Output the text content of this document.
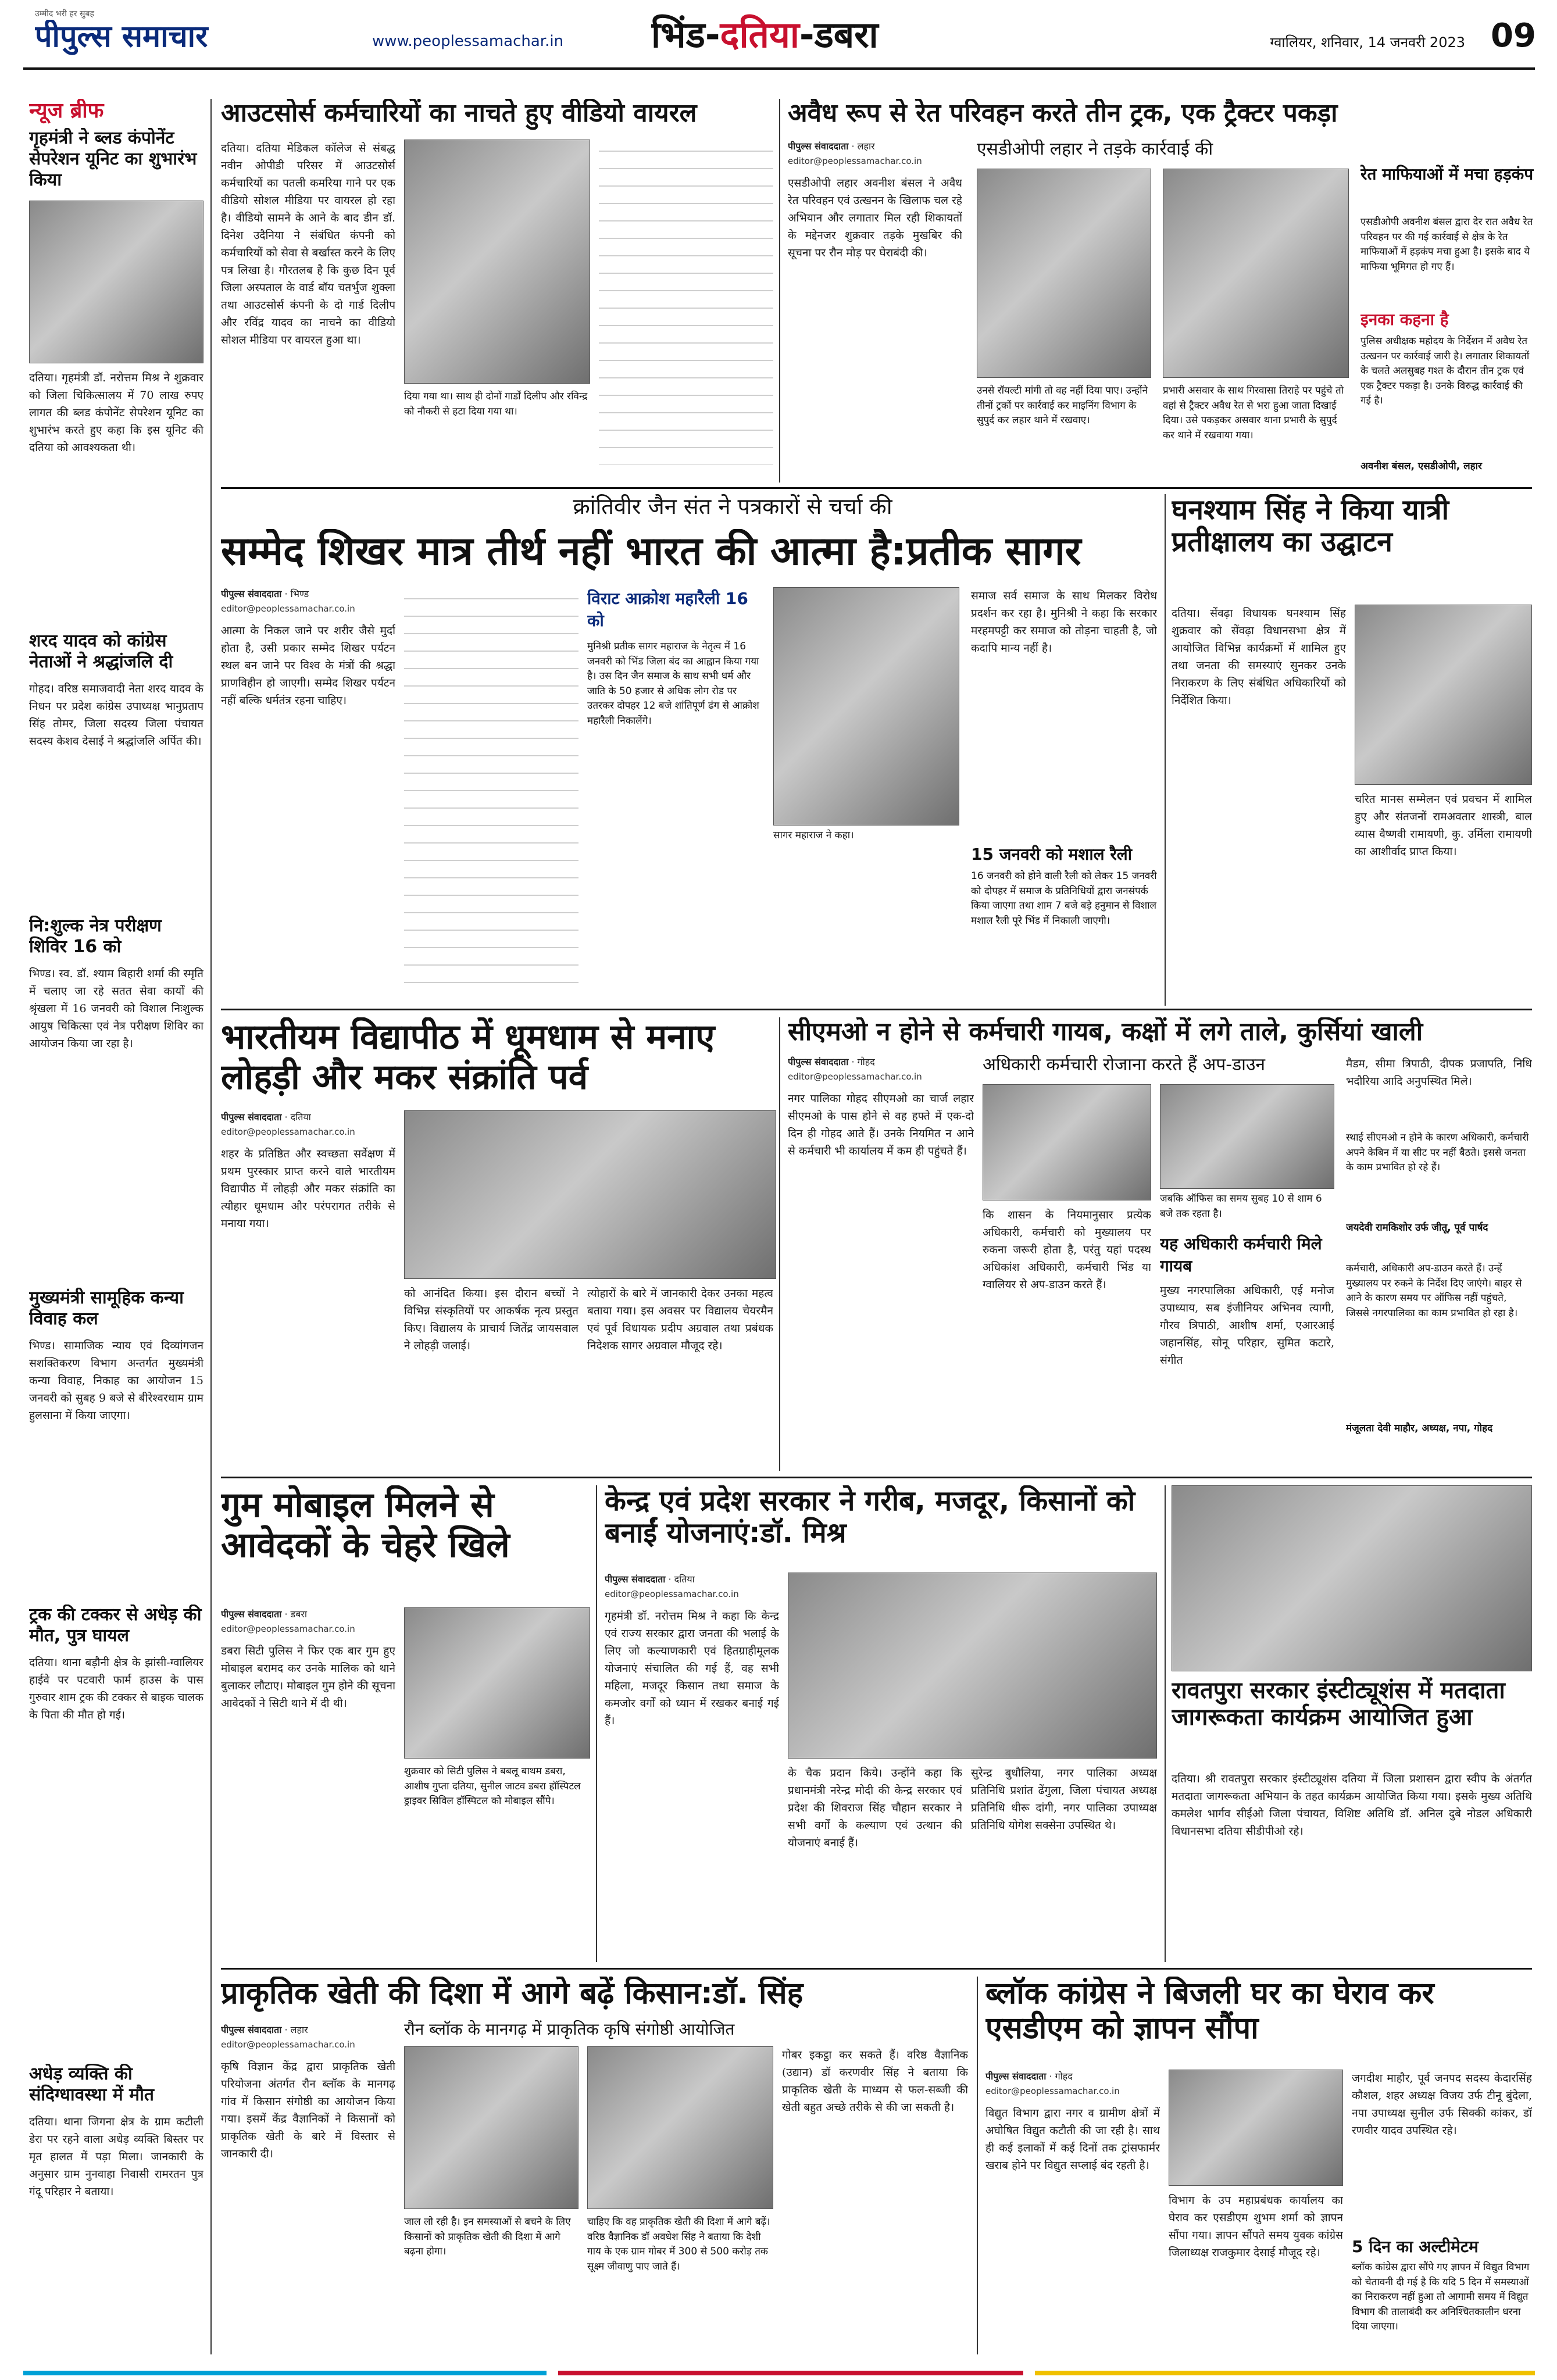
उम्मीद भरी हर सुबह
पीपुल्स समाचार	www.peoplessamachar.in	भिंड-दतिया-डबरा	ग्वालियर, शनिवार, 14 जनवरी 2023 09
न्यूज ब्रीफ
गृहमंत्री ने ब्लड कंपोनेंट सेपरेशन यूनिट का शुभारंभ किया
दतिया। गृहमंत्री डॉ. नरोत्तम मिश्र ने शुक्रवार को जिला चिकित्सालय में 70 लाख रुपए लागत की ब्लड कंपोनेंट सेपरेशन यूनिट का शुभारंभ करते हुए कहा कि इस यूनिट की दतिया को आवश्यकता थी।
शरद यादव को कांग्रेस नेताओं ने श्रद्धांजलि दी
गोहद। वरिष्ठ समाजवादी नेता शरद यादव के निधन पर प्रदेश कांग्रेस उपाध्यक्ष भानुप्रताप सिंह तोमर, जिला सदस्य जिला पंचायत सदस्य केशव देसाई ने श्रद्धांजलि अर्पित की।
नि:शुल्क नेत्र परीक्षण शिविर 16 को
भिण्ड। स्व. डॉ. श्याम बिहारी शर्मा की स्मृति में चलाए जा रहे सतत सेवा कार्यों की श्रृंखला में 16 जनवरी को विशाल निःशुल्क आयुष चिकित्सा एवं नेत्र परीक्षण शिविर का आयोजन किया जा रहा है।
मुख्यमंत्री सामूहिक कन्या विवाह कल
भिण्ड। सामाजिक न्याय एवं दिव्यांगजन सशक्तिकरण विभाग अन्तर्गत मुख्यमंत्री कन्या विवाह, निकाह का आयोजन 15 जनवरी को सुबह 9 बजे से बीरेश्वरधाम ग्राम हुलसाना में किया जाएगा।
ट्रक की टक्कर से अधेड़ की मौत, पुत्र घायल
दतिया। थाना बड़ौनी क्षेत्र के झांसी-ग्वालियर हाईवे पर पटवारी फार्म हाउस के पास गुरुवार शाम ट्रक की टक्कर से बाइक चालक के पिता की मौत हो गई।
अधेड़ व्यक्ति की संदिग्धावस्था में मौत
दतिया। थाना जिगना क्षेत्र के ग्राम कटीली डेरा पर रहने वाला अधेड़ व्यक्ति बिस्तर पर मृत हालत में पड़ा मिला। जानकारी के अनुसार ग्राम नुनवाहा निवासी रामरतन पुत्र गंदू परिहार ने बताया।
आउटसोर्स कर्मचारियों का नाचते हुए वीडियो वायरल
दतिया। दतिया मेडिकल कॉलेज से संबद्ध नवीन ओपीडी परिसर में आउटसोर्स कर्मचारियों का पतली कमरिया गाने पर एक वीडियो सोशल मीडिया पर वायरल हो रहा है। वीडियो सामने के आने के बाद डीन डॉ. दिनेश उदैनिया ने संबंधित कंपनी को कर्मचारियों को सेवा से बर्खास्त करने के लिए पत्र लिखा है। गौरतलब है कि कुछ दिन पूर्व जिला अस्पताल के वार्ड बॉय चतर्भुज शुक्ला तथा आउटसोर्स कंपनी के दो गार्ड दिलीप और रविंद्र यादव का नाचने का वीडियो सोशल मीडिया पर वायरल हुआ था।
दिया गया था। साथ ही दोनों गार्डों दिलीप और रविन्द्र को नौकरी से हटा दिया गया था।
अवैध रूप से रेत परिवहन करते तीन ट्रक, एक ट्रैक्टर पकड़ा
पीपुल्स संवाददाता · लहार
editor@peoplessamachar.co.in
एसडीओपी लहार अवनीश बंसल ने अवैध रेत परिवहन एवं उत्खनन के खिलाफ चल रहे अभियान और लगातार मिल रही शिकायतों के मद्देनजर शुक्रवार तड़के मुखबिर की सूचना पर रौन मोड़ पर घेराबंदी की।
एसडीओपी लहार ने तड़के कार्रवाई की
उनसे रॉयल्टी मांगी तो वह नहीं दिया पाए। उन्होंने तीनों ट्रकों पर कार्रवाई कर माइनिंग विभाग के सुपुर्द कर लहार थाने में रखवाए।
प्रभारी असवार के साथ गिरवासा तिराहे पर पहुंचे तो वहां से ट्रैक्टर अवैध रेत से भरा हुआ जाता दिखाई दिया। उसे पकड़कर असवार थाना प्रभारी के सुपुर्द कर थाने में रखवाया गया।
रेत माफियाओं में मचा हड़कंप
एसडीओपी अवनीश बंसल द्वारा देर रात अवैध रेत परिवहन पर की गई कार्रवाई से क्षेत्र के रेत माफियाओं में हड़कंप मचा हुआ है। इसके बाद ये माफिया भूमिगत हो गए हैं।
इनका कहना है
पुलिस अधीक्षक महोदय के निर्देशन में अवैध रेत उत्खनन पर कार्रवाई जारी है। लगातार शिकायतों के चलते अलसुबह गश्त के दौरान तीन ट्रक एवं एक ट्रैक्टर पकड़ा है। उनके विरुद्ध कार्रवाई की गई है।
अवनीश बंसल, एसडीओपी, लहार
क्रांतिवीर जैन संत ने पत्रकारों से चर्चा की
सम्मेद शिखर मात्र तीर्थ नहीं भारत की आत्मा है:प्रतीक सागर
पीपुल्स संवाददाता · भिण्ड
editor@peoplessamachar.co.in
आत्मा के निकल जाने पर शरीर जैसे मुर्दा होता है, उसी प्रकार सम्मेद शिखर पर्यटन स्थल बन जाने पर विश्व के मंत्रों की श्रद्धा प्राणविहीन हो जाएगी। सम्मेद शिखर पर्यटन नहीं बल्कि धर्मतंत्र रहना चाहिए।
विराट आक्रोश महारैली 16 को
मुनिश्री प्रतीक सागर महाराज के नेतृत्व में 16 जनवरी को भिंड जिला बंद का आह्वान किया गया है। उस दिन जैन समाज के साथ सभी धर्म और जाति के 50 हजार से अधिक लोग रोड पर उतरकर दोपहर 12 बजे शांतिपूर्ण ढंग से आक्रोश महारैली निकालेंगे।
सागर महाराज ने कहा।
समाज सर्व समाज के साथ मिलकर विरोध प्रदर्शन कर रहा है। मुनिश्री ने कहा कि सरकार मरहमपट्टी कर समाज को तोड़ना चाहती है, जो कदापि मान्य नहीं है।
15 जनवरी को मशाल रैली
16 जनवरी को होने वाली रैली को लेकर 15 जनवरी को दोपहर में समाज के प्रतिनिधियों द्वारा जनसंपर्क किया जाएगा तथा शाम 7 बजे बड़े हनुमान से विशाल मशाल रैली पूरे भिंड में निकाली जाएगी।
घनश्याम सिंह ने किया यात्री प्रतीक्षालय का उद्घाटन
दतिया। सेंवढ़ा विधायक घनश्याम सिंह शुक्रवार को सेंवढ़ा विधानसभा क्षेत्र में आयोजित विभिन्न कार्यक्रमों में शामिल हुए तथा जनता की समस्याएं सुनकर उनके निराकरण के लिए संबंधित अधिकारियों को निर्देशित किया।
चरित मानस सम्मेलन एवं प्रवचन में शामिल हुए और संतजनों रामअवतार शास्त्री, बाल व्यास वैष्णवी रामायणी, कु. उर्मिला रामायणी का आशीर्वाद प्राप्त किया।
भारतीयम विद्यापीठ में धूमधाम से मनाए लोहड़ी और मकर संक्रांति पर्व
पीपुल्स संवाददाता · दतिया
editor@peoplessamachar.co.in
शहर के प्रतिष्ठित और स्वच्छता सर्वेक्षण में प्रथम पुरस्कार प्राप्त करने वाले भारतीयम विद्यापीठ में लोहड़ी और मकर संक्रांति का त्यौहार धूमधाम और परंपरागत तरीके से मनाया गया।
को आनंदित किया। इस दौरान बच्चों ने विभिन्न संस्कृतियों पर आकर्षक नृत्य प्रस्तुत किए। विद्यालय के प्राचार्य जितेंद्र जायसवाल ने लोहड़ी जलाई।
त्योहारों के बारे में जानकारी देकर उनका महत्व बताया गया। इस अवसर पर विद्यालय चेयरमैन एवं पूर्व विधायक प्रदीप अग्रवाल तथा प्रबंधक निदेशक सागर अग्रवाल मौजूद रहे।
सीएमओ न होने से कर्मचारी गायब, कक्षों में लगे ताले, कुर्सियां खाली
अधिकारी कर्मचारी रोजाना करते हैं अप-डाउन
पीपुल्स संवाददाता · गोहद
editor@peoplessamachar.co.in
नगर पालिका गोहद सीएमओ का चार्ज लहार सीएमओ के पास होने से वह हफ्ते में एक-दो दिन ही गोहद आते हैं। उनके नियमित न आने से कर्मचारी भी कार्यालय में कम ही पहुंचते हैं।
कि शासन के नियमानुसार प्रत्येक अधिकारी, कर्मचारी को मुख्यालय पर रुकना जरूरी होता है, परंतु यहां पदस्थ अधिकांश अधिकारी, कर्मचारी भिंड या ग्वालियर से अप-डाउन करते हैं।
जबकि ऑफिस का समय सुबह 10 से शाम 6 बजे तक रहता है।
यह अधिकारी कर्मचारी मिले गायब
मुख्य नगरपालिका अधिकारी, एई मनोज उपाध्याय, सब इंजीनियर अभिनव त्यागी, गौरव त्रिपाठी, आशीष शर्मा, एआरआई जहानसिंह, सोनू परिहार, सुमित कटारे, संगीत
मैडम, सीमा त्रिपाठी, दीपक प्रजापति, निधि भदौरिया आदि अनुपस्थित मिले।
स्थाई सीएमओ न होने के कारण अधिकारी, कर्मचारी अपने केबिन में या सीट पर नहीं बैठते। इससे जनता के काम प्रभावित हो रहे हैं।
जयदेवी रामकिशोर उर्फ जीतू, पूर्व पार्षद
कर्मचारी, अधिकारी अप-डाउन करते हैं। उन्हें मुख्यालय पर रुकने के निर्देश दिए जाएंगे। बाहर से आने के कारण समय पर ऑफिस नहीं पहुंचते, जिससे नगरपालिका का काम प्रभावित हो रहा है।
मंजूलता देवी माहौर, अध्यक्ष, नपा, गोहद
गुम मोबाइल मिलने से आवेदकों के चेहरे खिले
पीपुल्स संवाददाता · डबरा
editor@peoplessamachar.co.in
डबरा सिटी पुलिस ने फिर एक बार गुम हुए मोबाइल बरामद कर उनके मालिक को थाने बुलाकर लौटाए। मोबाइल गुम होने की सूचना आवेदकों ने सिटी थाने में दी थी।
शुक्रवार को सिटी पुलिस ने बबलू बाथम डबरा, आशीष गुप्ता दतिया, सुनील जाटव डबरा हॉस्पिटल ड्राइवर सिविल हॉस्पिटल को मोबाइल सौंपे।
केन्द्र एवं प्रदेश सरकार ने गरीब, मजदूर, किसानों को बनाईं योजनाएं:डॉ. मिश्र
पीपुल्स संवाददाता · दतिया
editor@peoplessamachar.co.in
गृहमंत्री डॉ. नरोत्तम मिश्र ने कहा कि केन्द्र एवं राज्य सरकार द्वारा जनता की भलाई के लिए जो कल्याणकारी एवं हितग्राहीमूलक योजनाएं संचालित की गई हैं, वह सभी महिला, मजदूर किसान तथा समाज के कमजोर वर्गों को ध्यान में रखकर बनाई गई हैं।
के चैक प्रदान किये। उन्होंने कहा कि प्रधानमंत्री नरेन्द्र मोदी की केन्द्र सरकार एवं प्रदेश की शिवराज सिंह चौहान सरकार ने सभी वर्गों के कल्याण एवं उत्थान की योजनाएं बनाई हैं।
सुरेन्द्र बुधौलिया, नगर पालिका अध्यक्ष प्रतिनिधि प्रशांत ढेंगुला, जिला पंचायत अध्यक्ष प्रतिनिधि धीरू दांगी, नगर पालिका उपाध्यक्ष प्रतिनिधि योगेश सक्सेना उपस्थित थे।
रावतपुरा सरकार इंस्टीट्यूशंस में मतदाता जागरूकता कार्यक्रम आयोजित हुआ
दतिया। श्री रावतपुरा सरकार इंस्टीट्यूशंस दतिया में जिला प्रशासन द्वारा स्वीप के अंतर्गत मतदाता जागरूकता अभियान के तहत कार्यक्रम आयोजित किया गया। इसके मुख्य अतिथि कमलेश भार्गव सीईओ जिला पंचायत, विशिष्ट अतिथि डॉ. अनिल दुबे नोडल अधिकारी विधानसभा दतिया सीडीपीओ रहे।
प्राकृतिक खेती की दिशा में आगे बढ़ें किसान:डॉ. सिंह
रौन ब्लॉक के मानगढ़ में प्राकृतिक कृषि संगोष्ठी आयोजित
पीपुल्स संवाददाता · लहार
editor@peoplessamachar.co.in
कृषि विज्ञान केंद्र द्वारा प्राकृतिक खेती परियोजना अंतर्गत रौन ब्लॉक के मानगढ़ गांव में किसान संगोष्ठी का आयोजन किया गया। इसमें केंद्र वैज्ञानिकों ने किसानों को प्राकृतिक खेती के बारे में विस्तार से जानकारी दी।
जाल लो रही है। इन समस्याओं से बचने के लिए किसानों को प्राकृतिक खेती की दिशा में आगे बढ़ना होगा।
चाहिए कि वह प्राकृतिक खेती की दिशा में आगे बढ़ें। वरिष्ठ वैज्ञानिक डॉ अवधेश सिंह ने बताया कि देशी गाय के एक ग्राम गोबर में 300 से 500 करोड़ तक सूक्ष्म जीवाणु पाए जाते हैं।
गोबर इकट्ठा कर सकते हैं। वरिष्ठ वैज्ञानिक (उद्यान) डॉ करणवीर सिंह ने बताया कि प्राकृतिक खेती के माध्यम से फल-सब्जी की खेती बहुत अच्छे तरीके से की जा सकती है।
ब्लॉक कांग्रेस ने बिजली घर का घेराव कर एसडीएम को ज्ञापन सौंपा
पीपुल्स संवाददाता · गोहद
editor@peoplessamachar.co.in
विद्युत विभाग द्वारा नगर व ग्रामीण क्षेत्रों में अघोषित विद्युत कटौती की जा रही है। साथ ही कई इलाकों में कई दिनों तक ट्रांसफार्मर खराब होने पर विद्युत सप्लाई बंद रहती है।
विभाग के उप महाप्रबंधक कार्यालय का घेराव कर एसडीएम शुभम शर्मा को ज्ञापन सौंपा गया। ज्ञापन सौंपते समय युवक कांग्रेस जिलाध्यक्ष राजकुमार देसाई मौजूद रहे।
जगदीश माहौर, पूर्व जनपद सदस्य केदारसिंह कौशल, शहर अध्यक्ष विजय उर्फ टीनू बुंदेला, नपा उपाध्यक्ष सुनील उर्फ सिक्की कांकर, डॉ रणवीर यादव उपस्थित रहे।
5 दिन का अल्टीमेटम
ब्लॉक कांग्रेस द्वारा सौंपे गए ज्ञापन में विद्युत विभाग को चेतावनी दी गई है कि यदि 5 दिन में समस्याओं का निराकरण नहीं हुआ तो आगामी समय में विद्युत विभाग की तालाबंदी कर अनिश्चितकालीन धरना दिया जाएगा।
